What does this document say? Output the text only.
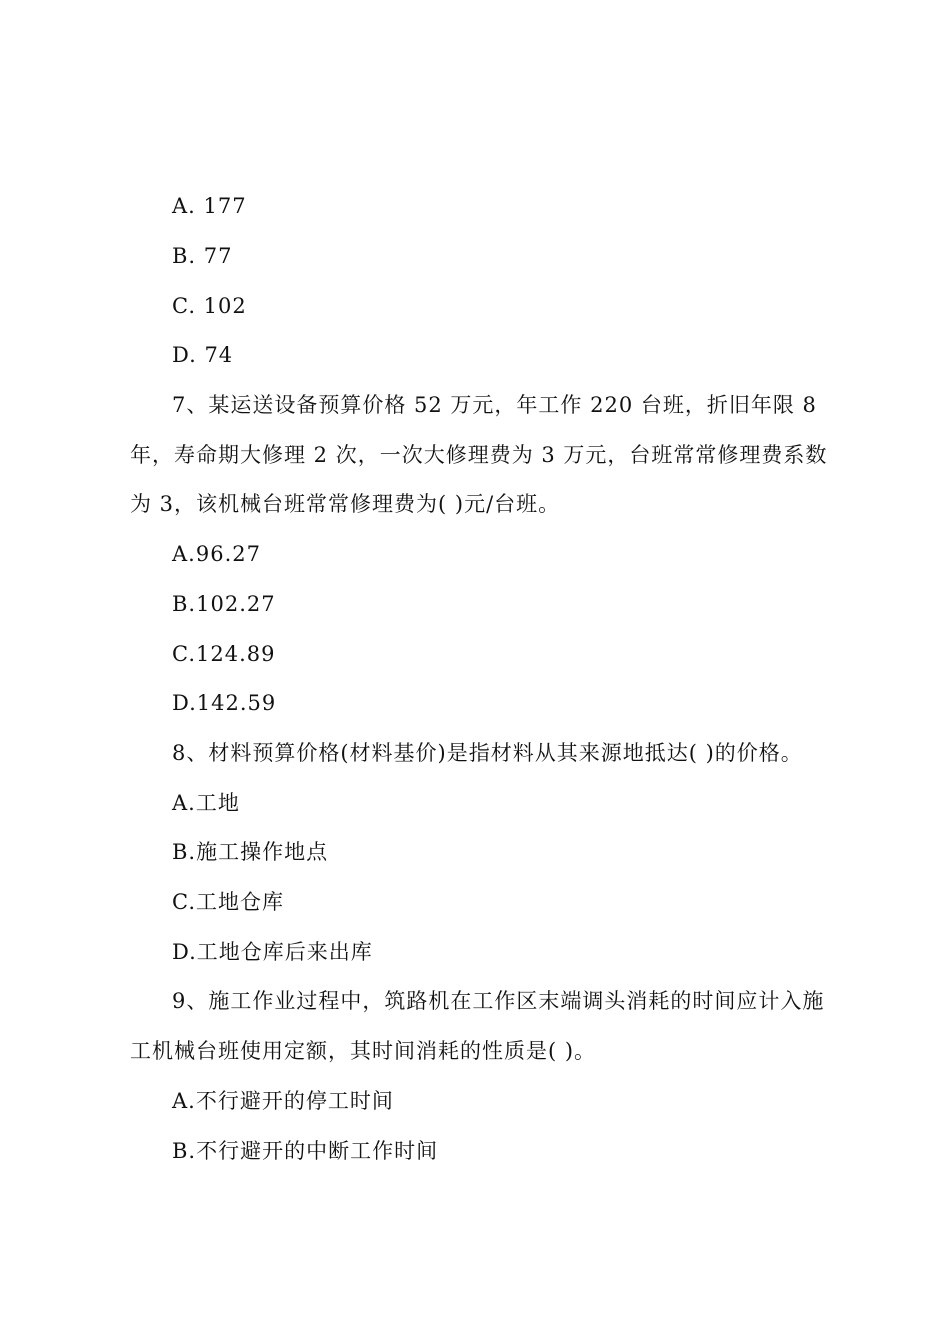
A. 177
B. 77
C. 102
D. 74
7、某运送设备预算价格 52 万元，年工作 220 台班，折旧年限 8
年，寿命期大修理 2 次，一次大修理费为 3 万元，台班常常修理费系数
为 3，该机械台班常常修理费为( )元/台班。
A.96.27
B.102.27
C.124.89
D.142.59
8、材料预算价格(材料基价)是指材料从其来源地抵达( )的价格。
A.工地
B.施工操作地点
C.工地仓库
D.工地仓库后来出库
9、施工作业过程中，筑路机在工作区末端调头消耗的时间应计入施
工机械台班使用定额，其时间消耗的性质是( )。
A.不行避开的停工时间
B.不行避开的中断工作时间
